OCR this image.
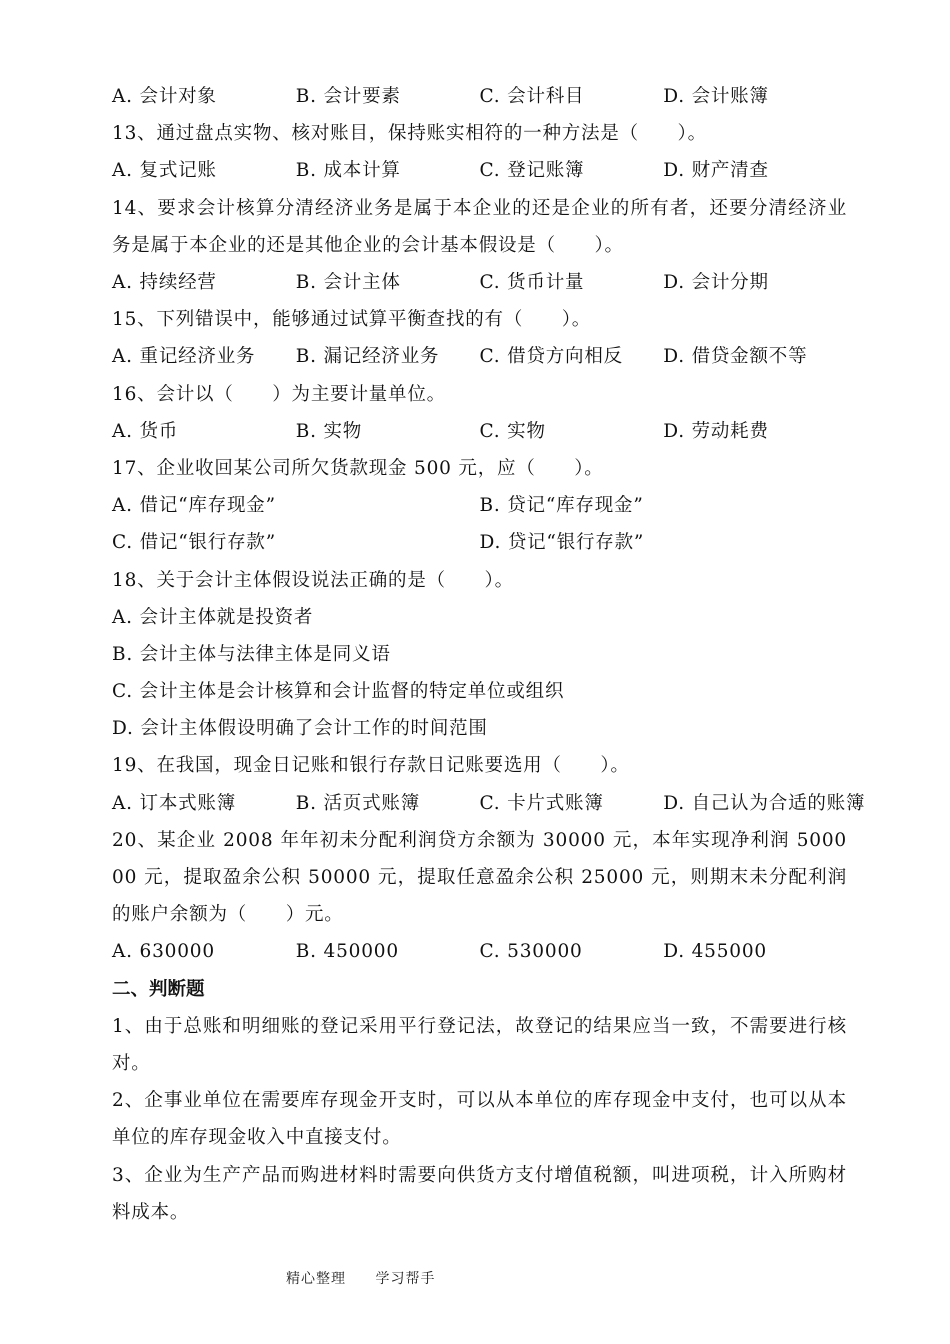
A. 会计对象	B. 会计要素	C. 会计科目	D. 会计账簿
13、通过盘点实物、核对账目，保持账实相符的一种方法是（　　）。
A. 复式记账	B. 成本计算	C. 登记账簿	D. 财产清查
14、要求会计核算分清经济业务是属于本企业的还是企业的所有者，还要分清经济业务是属于本企业的还是其他企业的会计基本假设是（　　）。
A. 持续经营	B. 会计主体	C. 货币计量	D. 会计分期
15、下列错误中，能够通过试算平衡查找的有（　　）。
A. 重记经济业务	B. 漏记经济业务	C. 借贷方向相反	D. 借贷金额不等
16、会计以（　　）为主要计量单位。
A. 货币	B. 实物	C. 实物	D. 劳动耗费
17、企业收回某公司所欠货款现金 500 元，应（　　）。
A. 借记“库存现金”	B. 贷记“库存现金”
C. 借记“银行存款”	D. 贷记“银行存款”
18、关于会计主体假设说法正确的是（　　）。
A. 会计主体就是投资者
B. 会计主体与法律主体是同义语
C. 会计主体是会计核算和会计监督的特定单位或组织
D. 会计主体假设明确了会计工作的时间范围
19、在我国，现金日记账和银行存款日记账要选用（　　）。
A. 订本式账簿	B. 活页式账簿	C. 卡片式账簿	D. 自己认为合适的账簿
20、某企业 2008 年年初未分配利润贷方余额为 30000 元，本年实现净利润 500000 元，提取盈余公积 50000 元，提取任意盈余公积 25000 元，则期末未分配利润的账户余额为（　　）元。
A. 630000	B. 450000	C. 530000	D. 455000
二、判断题
1、由于总账和明细账的登记采用平行登记法，故登记的结果应当一致，不需要进行核对。
2、企事业单位在需要库存现金开支时，可以从本单位的库存现金中支付，也可以从本单位的库存现金收入中直接支付。
3、企业为生产产品而购进材料时需要向供货方支付增值税额，叫进项税，计入所购材料成本。
精心整理 学习帮手
